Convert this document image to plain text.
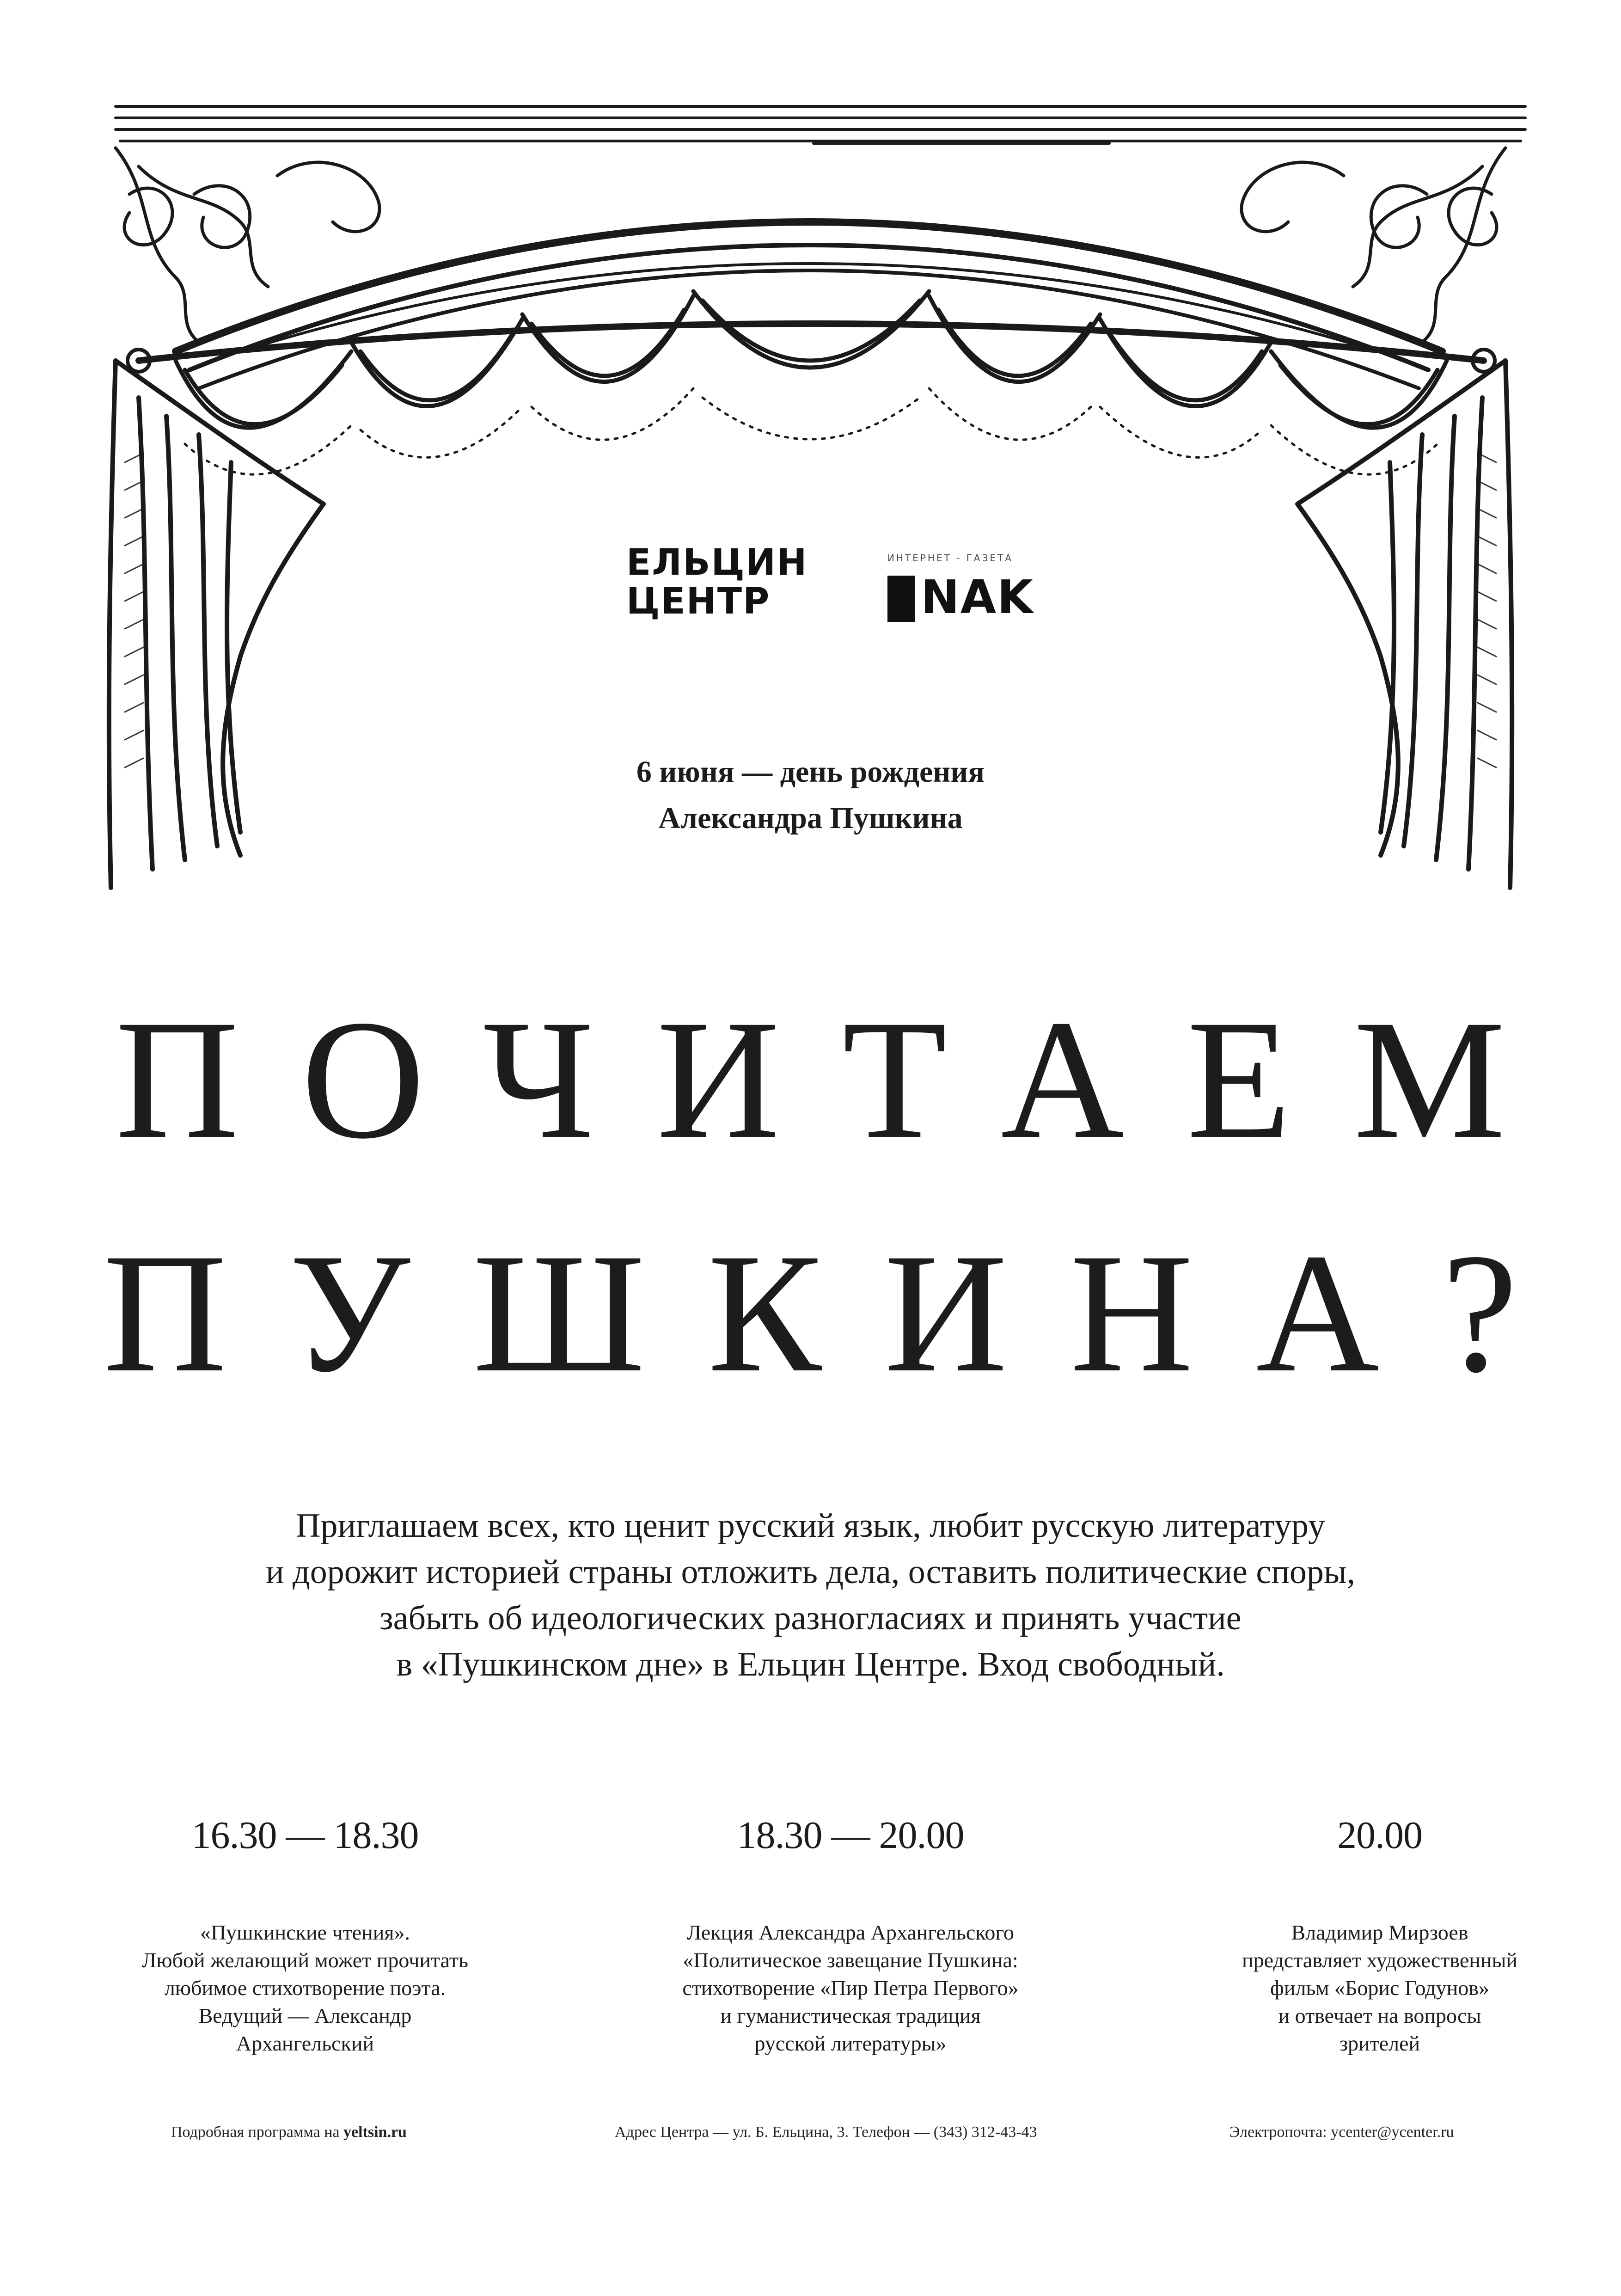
ЕЛЬЦИН
ЦЕНТР
ИНТЕРНЕТ - ГАЗЕТА
NAK
6 июня — день рождения
Александра Пушкина
ПОЧИТАЕМ
ПУШКИНА?
Приглашаем всех, кто ценит русский язык, любит русскую литературу
и дорожит историей страны отложить дела, оставить политические споры,
забыть об идеологических разногласиях и принять участие
в «Пушкинском дне» в Ельцин Центре. Вход свободный.
16.30 — 18.30
«Пушкинские чтения».
Любой желающий может прочитать
любимое стихотворение поэта.
Ведущий — Александр
Архангельский
18.30 — 20.00
Лекция Александра Архангельского
«Политическое завещание Пушкина:
стихотворение «Пир Петра Первого»
и гуманистическая традиция
русской литературы»
20.00
Владимир Мирзоев
представляет художественный
фильм «Борис Годунов»
и отвечает на вопросы
зрителей
Подробная программа на yeltsin.ru	Адрес Центра — ул. Б. Ельцина, 3. Телефон — (343) 312-43-43	Электропочта: ycenter@ycenter.ru
